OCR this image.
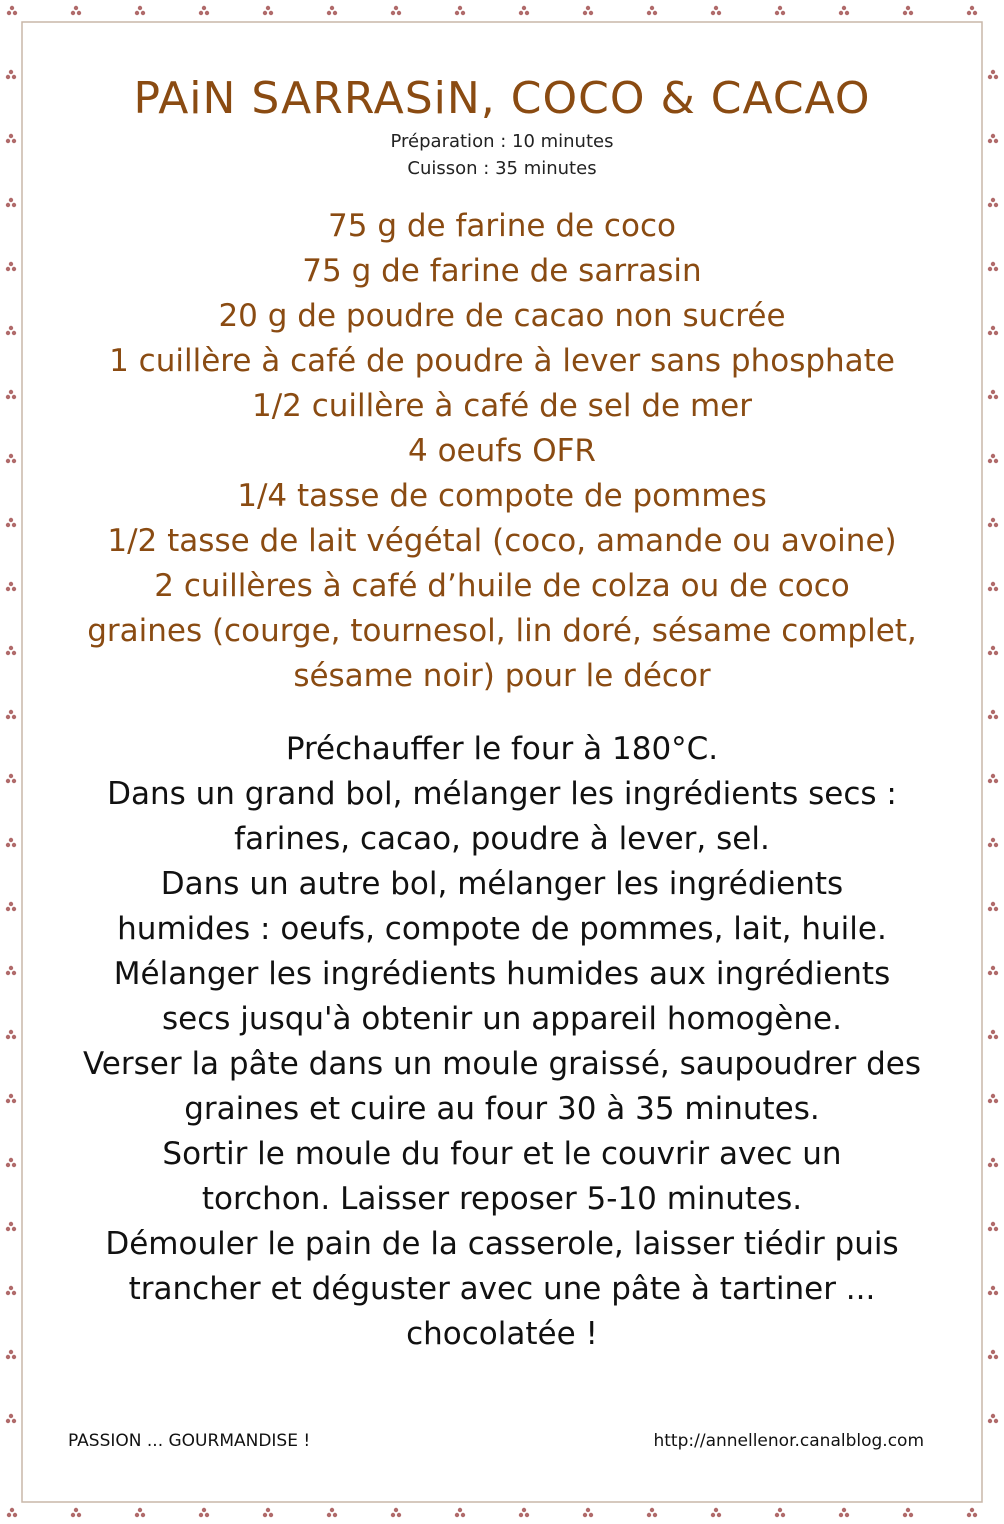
PAiN SARRASiN, COCO & CACAO

Préparation : 10 minutes

Cuisson : 35 minutes

75 g de farine de coco
75 g de farine de sarrasin
20 g de poudre de cacao non sucrée
1 cuillère à café de poudre à lever sans phosphate
1/2 cuillère à café de sel de mer
4 oeufs OFR
1/4 tasse de compote de pommes
1/2 tasse de lait végétal (coco, amande ou avoine)
2 cuillères à café d’huile de colza ou de coco
graines (courge, tournesol, lin doré, sésame complet,
sésame noir) pour le décor
Préchauffer le four à 180°C.
Dans un grand bol, mélanger les ingrédients secs :
farines, cacao, poudre à lever, sel.
Dans un autre bol, mélanger les ingrédients
humides : oeufs, compote de pommes, lait, huile.
Mélanger les ingrédients humides aux ingrédients
secs jusqu'à obtenir un appareil homogène.
Verser la pâte dans un moule graissé, saupoudrer des
graines et cuire au four 30 à 35 minutes.
Sortir le moule du four et le couvrir avec un
torchon. Laisser reposer 5-10 minutes.
Démouler le pain de la casserole, laisser tiédir puis
trancher et déguster avec une pâte à tartiner ...
chocolatée !
PASSION ... GOURMANDISE !	http://annellenor.canalblog.com
